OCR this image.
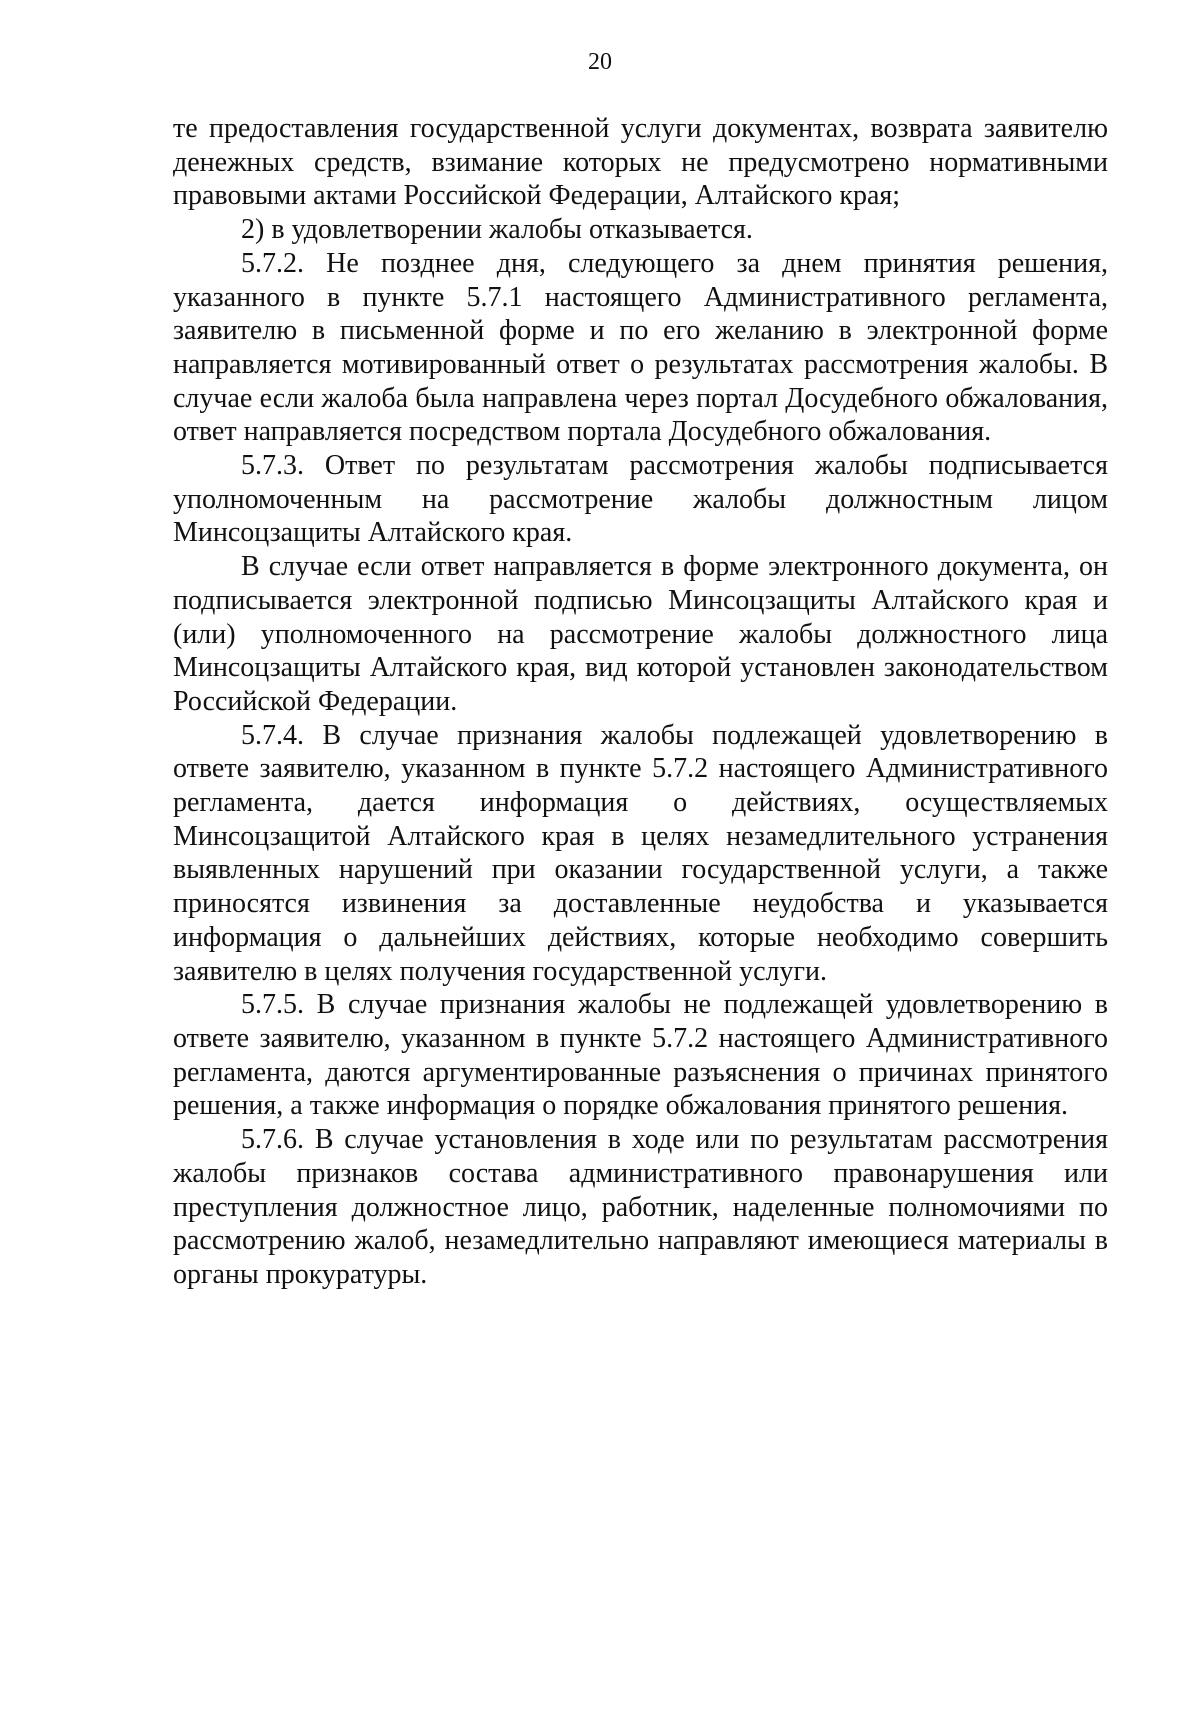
20

те предоставления государственной услуги документах, возврата заявителю денежных средств, взимание которых не предусмотрено нормативными правовыми актами Российской Федерации, Алтайского края;

2) в удовлетворении жалобы отказывается.

5.7.2. Не позднее дня, следующего за днем принятия решения, указанного в пункте 5.7.1 настоящего Административного регламента, заявителю в письменной форме и по его желанию в электронной форме направляется мотивированный ответ о результатах рассмотрения жалобы. В случае если жалоба была направлена через портал Досудебного обжалования, ответ направляется посредством портала Досудебного обжалования.

5.7.3. Ответ по результатам рассмотрения жалобы подписывается уполномоченным на рассмотрение жалобы должностным лицом Минсоцзащиты Алтайского края.

В случае если ответ направляется в форме электронного документа, он подписывается электронной подписью Минсоцзащиты Алтайского края и (или) уполномоченного на рассмотрение жалобы должностного лица Минсоцзащиты Алтайского края, вид которой установлен законодательством Российской Федерации.

5.7.4. В случае признания жалобы подлежащей удовлетворению в ответе заявителю, указанном в пункте 5.7.2 настоящего Административного регламента, дается информация о действиях, осуществляемых Минсоцзащитой Алтайского края в целях незамедлительного устранения выявленных нарушений при оказании государственной услуги, а также приносятся извинения за доставленные неудобства и указывается информация о дальнейших действиях, которые необходимо совершить заявителю в целях получения государственной услуги.

5.7.5. В случае признания жалобы не подлежащей удовлетворению в ответе заявителю, указанном в пункте 5.7.2 настоящего Административного регламента, даются аргументированные разъяснения о причинах принятого решения, а также информация о порядке обжалования принятого решения.

5.7.6. В случае установления в ходе или по результатам рассмотрения жалобы признаков состава административного правонарушения или преступления должностное лицо, работник, наделенные полномочиями по рассмотрению жалоб, незамедлительно направляют имеющиеся материалы в органы прокуратуры.
